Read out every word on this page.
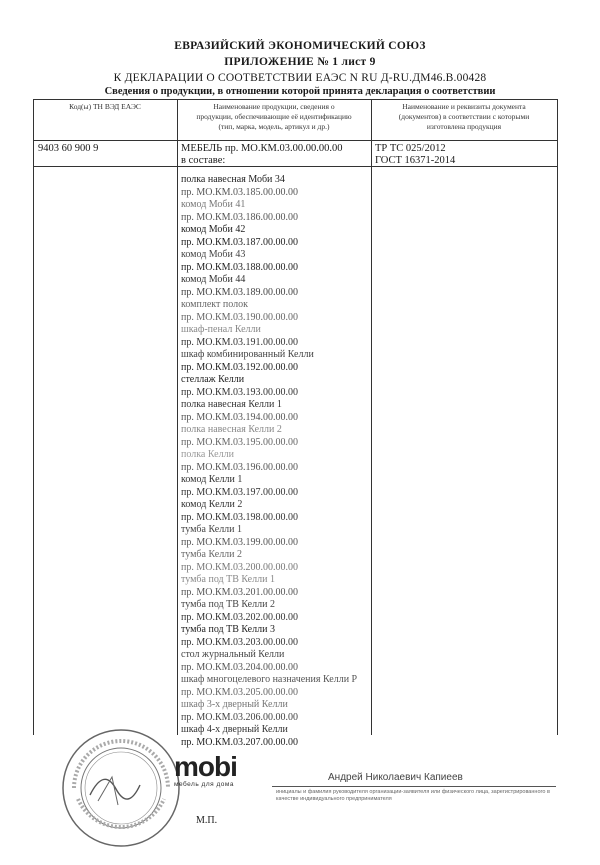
ЕВРАЗИЙСКИЙ ЭКОНОМИЧЕСКИЙ СОЮЗ
ПРИЛОЖЕНИЕ № 1 лист 9
К ДЕКЛАРАЦИИ О СООТВЕТСТВИИ ЕАЭС N RU Д-RU.ДМ46.В.00428
Сведения о продукции, в отношении которой принята декларация о соответствии
Код(ы) ТН ВЭД ЕАЭС	Наименование продукции, сведения о
продукции, обеспечивающие её идентификацию
(тип, марка, модель, артикул и др.)
Наименование и реквизиты документа
(документов) в соответствии с которыми
изготовлена продукция
9403 60 900 9	МЕБЕЛЬ пр. МО.КМ.03.00.00.00.00
в составе:
ТР ТС 025/2012
ГОСТ 16371-2014
полка навесная Моби 34
пр. МО.КМ.03.185.00.00.00
комод Моби 41
пр. МО.КМ.03.186.00.00.00
комод Моби 42
пр. МО.КМ.03.187.00.00.00
комод Моби 43
пр. МО.КМ.03.188.00.00.00
комод Моби 44
пр. МО.КМ.03.189.00.00.00
комплект полок
пр. МО.КМ.03.190.00.00.00
шкаф-пенал Келли
пр. МО.КМ.03.191.00.00.00
шкаф комбинированный Келли
пр. МО.КМ.03.192.00.00.00
стеллаж Келли
пр. МО.КМ.03.193.00.00.00
полка навесная Келли 1
пр. МО.КМ.03.194.00.00.00
полка навесная Келли 2
пр. МО.КМ.03.195.00.00.00
полка Келли
пр. МО.КМ.03.196.00.00.00
комод Келли 1
пр. МО.КМ.03.197.00.00.00
комод Келли 2
пр. МО.КМ.03.198.00.00.00
тумба Келли 1
пр. МО.КМ.03.199.00.00.00
тумба Келли 2
пр. МО.КМ.03.200.00.00.00
тумба под ТВ Келли 1
пр. МО.КМ.03.201.00.00.00
тумба под ТВ Келли 2
пр. МО.КМ.03.202.00.00.00
тумба под ТВ Келли 3
пр. МО.КМ.03.203.00.00.00
стол журнальный Келли
пр. МО.КМ.03.204.00.00.00
шкаф многоцелевого назначения Келли Р
пр. МО.КМ.03.205.00.00.00
шкаф 3-х дверный Келли
пр. МО.КМ.03.206.00.00.00
шкаф 4-х дверный Келли
пр. МО.КМ.03.207.00.00.00
Андрей Николаевич Капиеев
инициалы и фамилия руководителя организации-заявителя или физического лица, зарегистрированного в качестве индивидуального предпринимателя
mobi
мебель для дома
М.П.
